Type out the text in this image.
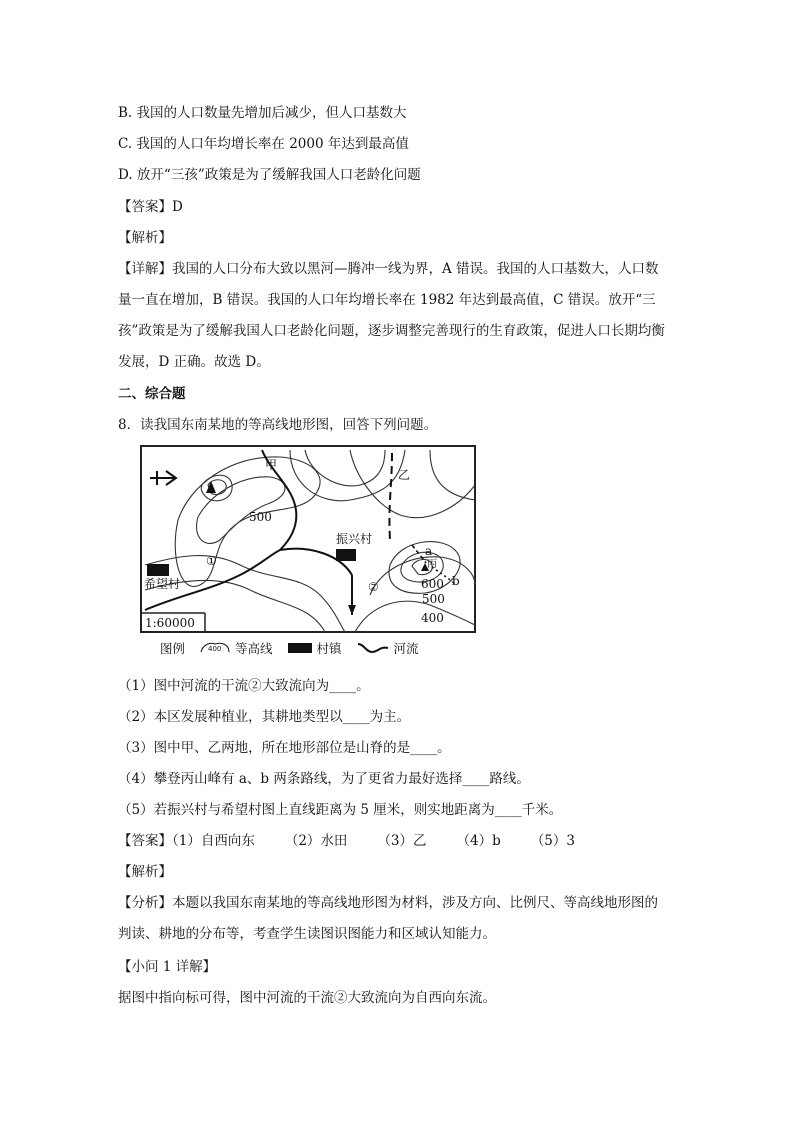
B. 我国的人口数量先增加后减少，但人口基数大
C. 我国的人口年均增长率在 2000 年达到最高值
D. 放开“三孩”政策是为了缓解我国人口老龄化问题
【答案】D
【解析】
【详解】我国的人口分布大致以黑河—腾冲一线为界，A 错误。我国的人口基数大，人口数量一直在增加，B 错误。我国的人口年均增长率在 1982 年达到最高值，C 错误。放开“三孩”政策是为了缓解我国人口老龄化问题，逐步调整完善现行的生育政策，促进人口长期均衡发展，D 正确。故选 D。
二、综合题
8．读我国东南某地的等高线地形图，回答下列问题。
甲
乙
丙
振兴村
希望村
①
②
a
b
500
600
500
400
1:60000
图例	400 等高线	村镇	河流
（1）图中河流的干流②大致流向为____。
（2）本区发展种植业，其耕地类型以____为主。
（3）图中甲、乙两地，所在地形部位是山脊的是____。
（4）攀登丙山峰有 a、b 两条路线，为了更省力最好选择____路线。
（5）若振兴村与希望村图上直线距离为 5 厘米，则实地距离为____千米。
【答案】（1）自西向东 （2）水田 （3）乙 （4）b （5）3
【解析】
【分析】本题以我国东南某地的等高线地形图为材料，涉及方向、比例尺、等高线地形图的判读、耕地的分布等，考查学生读图识图能力和区域认知能力。
【小问 1 详解】
据图中指向标可得，图中河流的干流②大致流向为自西向东流。
